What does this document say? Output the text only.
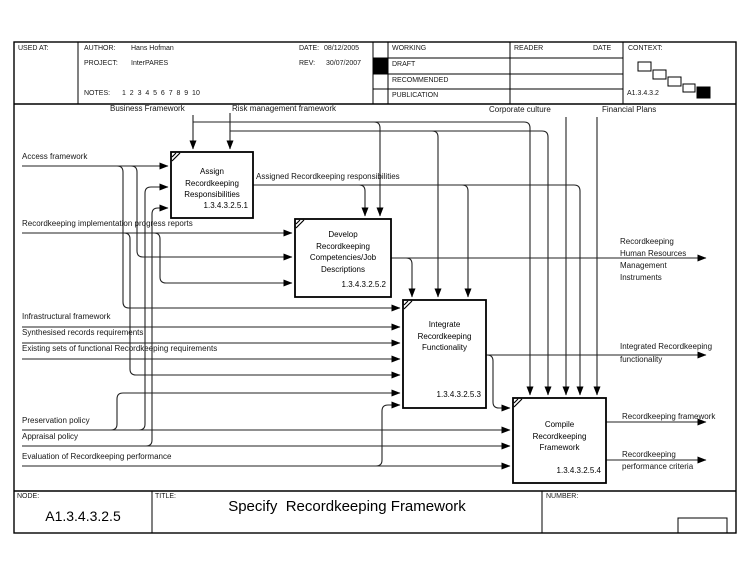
USED AT:	AUTHOR: Hans Hofman
PROJECT: InterPARES
DATE: 08/12/2005
REV: 30/07/2007
NOTES: 1  2  3  4  5  6  7  8  9  10
WORKING
DRAFT
RECOMMENDED
PUBLICATION
READER	DATE CONTEXT:
A1.3.4.3.2
Business Framework	Risk management framework	Corporate culture	Financial Plans
Access framework
Recordkeeping implementation progress reports
Infrastructural framework
Synthesised records requirements
Existing sets of functional Recordkeeping requirements
Preservation policy
Appraisal policy
Evaluation of Recordkeeping performance
Assigned Recordkeeping responsibilities
Recordkeeping
Human Resources
Management
Instruments
Integrated Recordkeeping
functionality
Recordkeeping framework
Recordkeeping
performance criteria
Assign
Recordkeeping
Responsibilities
1.3.4.3.2.5.1
Develop
Recordkeeping
Competencies/Job
Descriptions
1.3.4.3.2.5.2
Integrate
Recordkeeping
Functionality
1.3.4.3.2.5.3
Compile
Recordkeeping
Framework
1.3.4.3.2.5.4
NODE:
A1.3.4.3.2.5
TITLE:
Specify  Recordkeeping Framework
NUMBER:
